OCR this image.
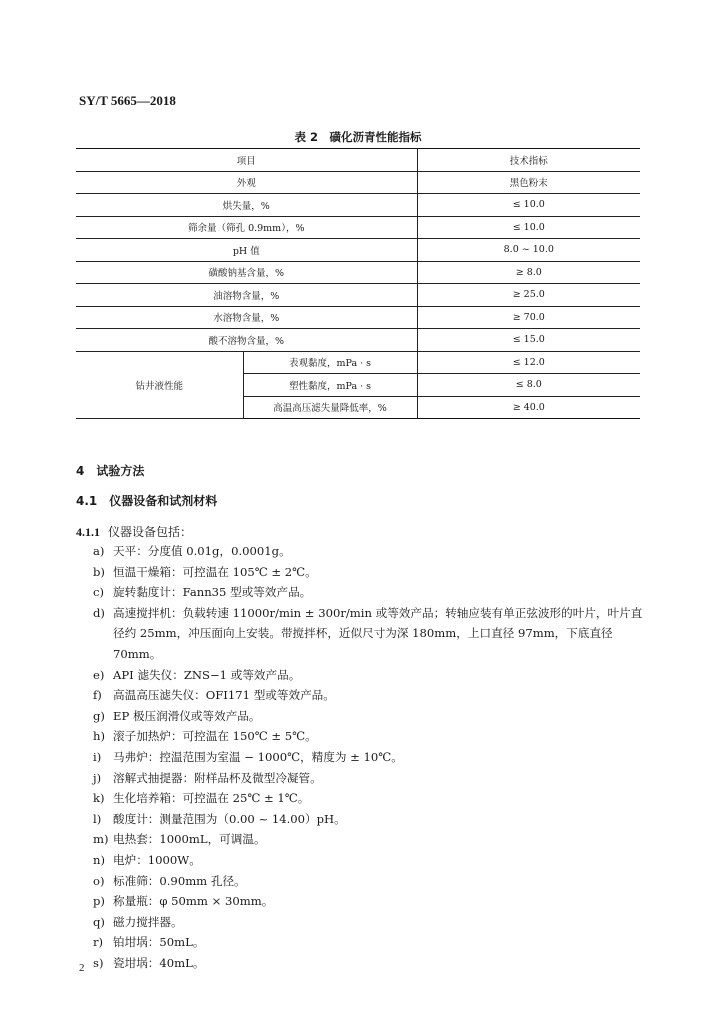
SY/T 5665—2018
表 2　磺化沥青性能指标
项目		技术指标
外观		黑色粉末
烘失量，%		≤ 10.0
筛余量（筛孔 0.9mm），%		≤ 10.0
pH 值		8.0 ~ 10.0
磺酸钠基含量，%		≥ 8.0
油溶物含量，%		≥ 25.0
水溶物含量，%		≥ 70.0
酸不溶物含量，%		≤ 15.0
钻井液性能	表观黏度，mPa · s	≤ 12.0
	塑性黏度，mPa · s	≤ 8.0
	高温高压滤失量降低率，%	≥ 40.0
4　试验方法
4.1　仪器设备和试剂材料
4.1.1 仪器设备包括：
a) 天平：分度值 0.01g，0.0001g。
b) 恒温干燥箱：可控温在 105℃ ± 2℃。
c) 旋转黏度计：Fann35 型或等效产品。
d) 高速搅拌机：负载转速 11000r/min ± 300r/min 或等效产品；转轴应装有单正弦波形的叶片，叶片直径约 25mm，冲压面向上安装。带搅拌杯，近似尺寸为深 180mm，上口直径 97mm，下底直径 70mm。
e) API 滤失仪：ZNS−1 或等效产品。
f) 高温高压滤失仪：OFI171 型或等效产品。
g) EP 极压润滑仪或等效产品。
h) 滚子加热炉：可控温在 150℃ ± 5℃。
i)	马弗炉：控温范围为室温 − 1000℃，精度为 ± 10℃。
j)	溶解式抽提器：附样品杯及微型冷凝管。
k) 生化培养箱：可控温在 25℃ ± 1℃。
l)	酸度计：测量范围为（0.00 ~ 14.00）pH。
m) 电热套：1000mL，可调温。
n) 电炉：1000W。
o) 标准筛：0.90mm 孔径。
p) 称量瓶：φ 50mm × 30mm。
q) 磁力搅拌器。
r) 铂坩埚：50mL。
s) 瓷坩埚：40mL。
2
